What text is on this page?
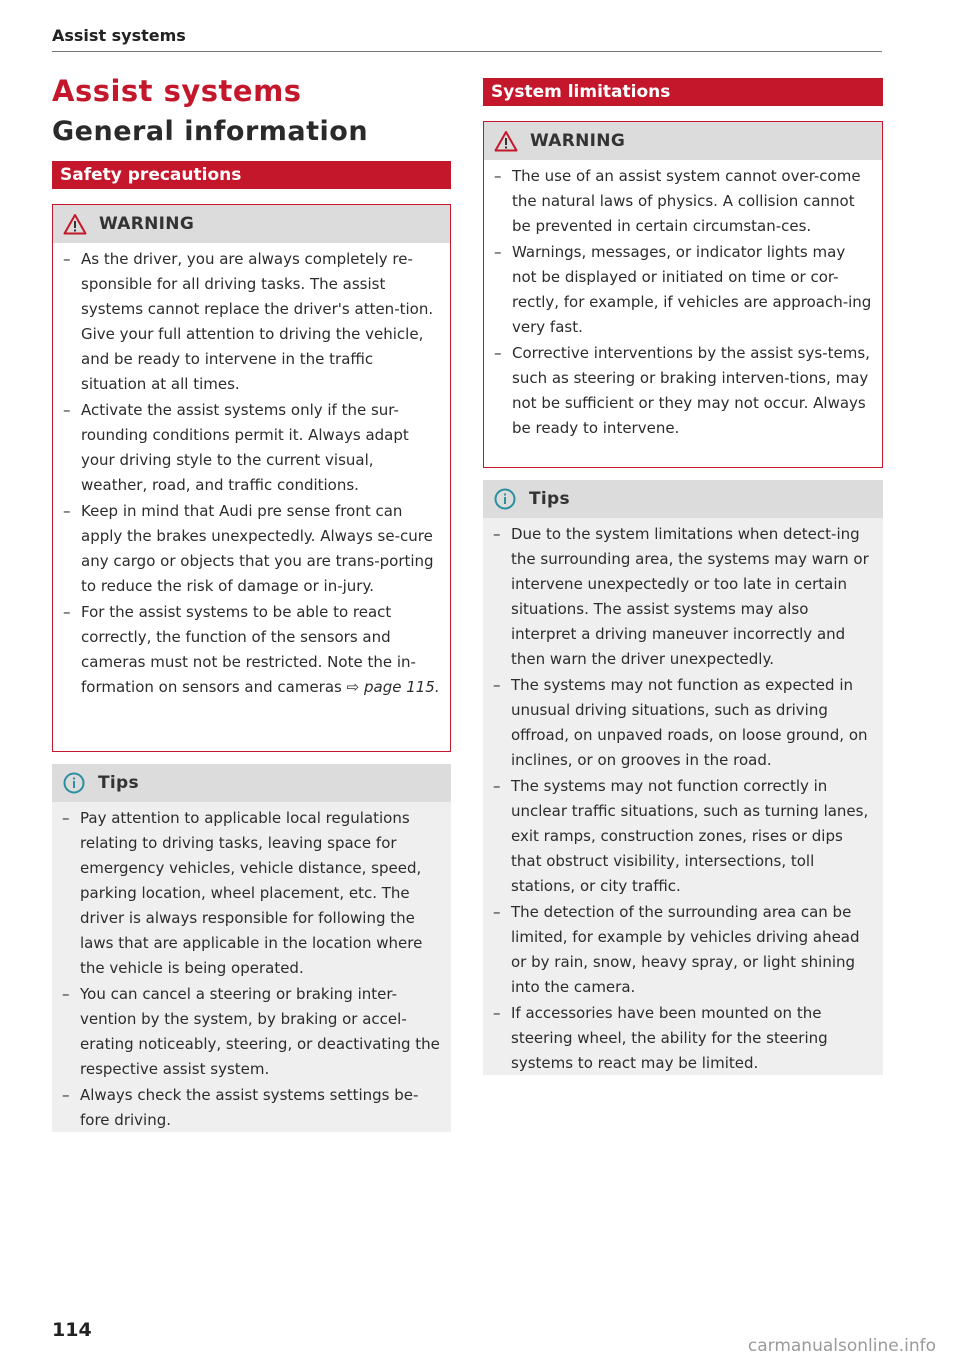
Assist systems
Assist systems
General information
Safety precautions
WARNING
– As the driver, you are always completely re-sponsible for all driving tasks. The assist systems cannot replace the driver's atten-tion. Give your full attention to driving the vehicle, and be ready to intervene in the traffic situation at all times.
– Activate the assist systems only if the sur-rounding conditions permit it. Always adapt your driving style to the current visual, weather, road, and traffic conditions.
– Keep in mind that Audi pre sense front can apply the brakes unexpectedly. Always se-cure any cargo or objects that you are trans-porting to reduce the risk of damage or in-jury.
– For the assist systems to be able to react correctly, the function of the sensors and cameras must not be restricted. Note the in-formation on sensors and cameras ⇨ page 115.
Tips
– Pay attention to applicable local regulations relating to driving tasks, leaving space for emergency vehicles, vehicle distance, speed, parking location, wheel placement, etc. The driver is always responsible for following the laws that are applicable in the location where the vehicle is being operated.
– You can cancel a steering or braking inter-vention by the system, by braking or accel-erating noticeably, steering, or deactivating the respective assist system.
– Always check the assist systems settings be-fore driving.
System limitations
WARNING
– The use of an assist system cannot over-come the natural laws of physics. A collision cannot be prevented in certain circumstan-ces.
– Warnings, messages, or indicator lights may not be displayed or initiated on time or cor-rectly, for example, if vehicles are approach-ing very fast.
– Corrective interventions by the assist sys-tems, such as steering or braking interven-tions, may not be sufficient or they may not occur. Always be ready to intervene.
Tips
– Due to the system limitations when detect-ing the surrounding area, the systems may warn or intervene unexpectedly or too late in certain situations. The assist systems may also interpret a driving maneuver incorrectly and then warn the driver unexpectedly.
– The systems may not function as expected in unusual driving situations, such as driving offroad, on unpaved roads, on loose ground, on inclines, or on grooves in the road.
– The systems may not function correctly in unclear traffic situations, such as turning lanes, exit ramps, construction zones, rises or dips that obstruct visibility, intersections, toll stations, or city traffic.
– The detection of the surrounding area can be limited, for example by vehicles driving ahead or by rain, snow, heavy spray, or light shining into the camera.
– If accessories have been mounted on the steering wheel, the ability for the steering systems to react may be limited.
114
carmanualsonline.info
